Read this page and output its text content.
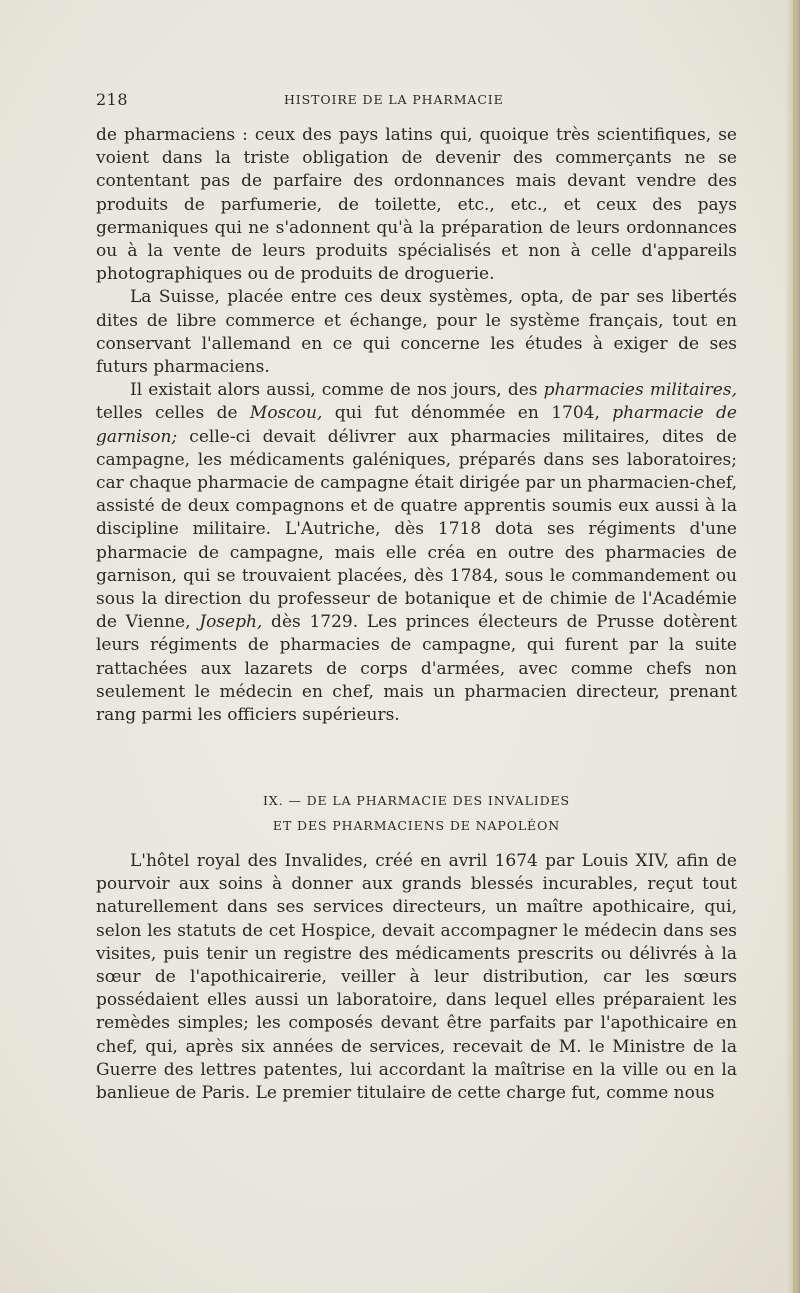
218	HISTOIRE DE LA PHARMACIE

de pharmaciens : ceux des pays latins qui, quoique très scientifiques, se voient dans la triste obligation de devenir des commerçants ne se contentant pas de parfaire des ordonnances mais devant vendre des produits de parfumerie, de toilette, etc., etc., et ceux des pays germaniques qui ne s'adonnent qu'à la préparation de leurs ordonnances ou à la vente de leurs produits spécialisés et non à celle d'appareils photographiques ou de produits de droguerie.

La Suisse, placée entre ces deux systèmes, opta, de par ses libertés dites de libre commerce et échange, pour le système français, tout en conservant l'allemand en ce qui concerne les études à exiger de ses futurs pharmaciens.

Il existait alors aussi, comme de nos jours, des pharmacies militaires, telles celles de Moscou, qui fut dénommée en 1704, pharmacie de garnison; celle-ci devait délivrer aux pharmacies militaires, dites de campagne, les médicaments galéniques, préparés dans ses laboratoires; car chaque pharmacie de campagne était dirigée par un pharmacien-chef, assisté de deux compagnons et de quatre apprentis soumis eux aussi à la discipline militaire. L'Autriche, dès 1718 dota ses régiments d'une pharmacie de campagne, mais elle créa en outre des pharmacies de garnison, qui se trouvaient placées, dès 1784, sous le commandement ou sous la direction du professeur de botanique et de chimie de l'Académie de Vienne, Joseph, dès 1729. Les princes électeurs de Prusse dotèrent leurs régiments de pharmacies de campagne, qui furent par la suite rattachées aux lazarets de corps d'armées, avec comme chefs non seulement le médecin en chef, mais un pharmacien directeur, prenant rang parmi les officiers supérieurs.

IX. — DE LA PHARMACIE DES INVALIDES
ET DES PHARMACIENS DE NAPOLÉON

L'hôtel royal des Invalides, créé en avril 1674 par Louis XIV, afin de pourvoir aux soins à donner aux grands blessés incurables, reçut tout naturellement dans ses services directeurs, un maître apothicaire, qui, selon les statuts de cet Hospice, devait accompagner le médecin dans ses visites, puis tenir un registre des médicaments prescrits ou délivrés à la sœur de l'apothicairerie, veiller à leur distribution, car les sœurs possédaient elles aussi un laboratoire, dans lequel elles préparaient les remèdes simples; les composés devant être parfaits par l'apothicaire en chef, qui, après six années de services, recevait de M. le Ministre de la Guerre des lettres patentes, lui accordant la maîtrise en la ville ou en la banlieue de Paris. Le premier titulaire de cette charge fut, comme nous
